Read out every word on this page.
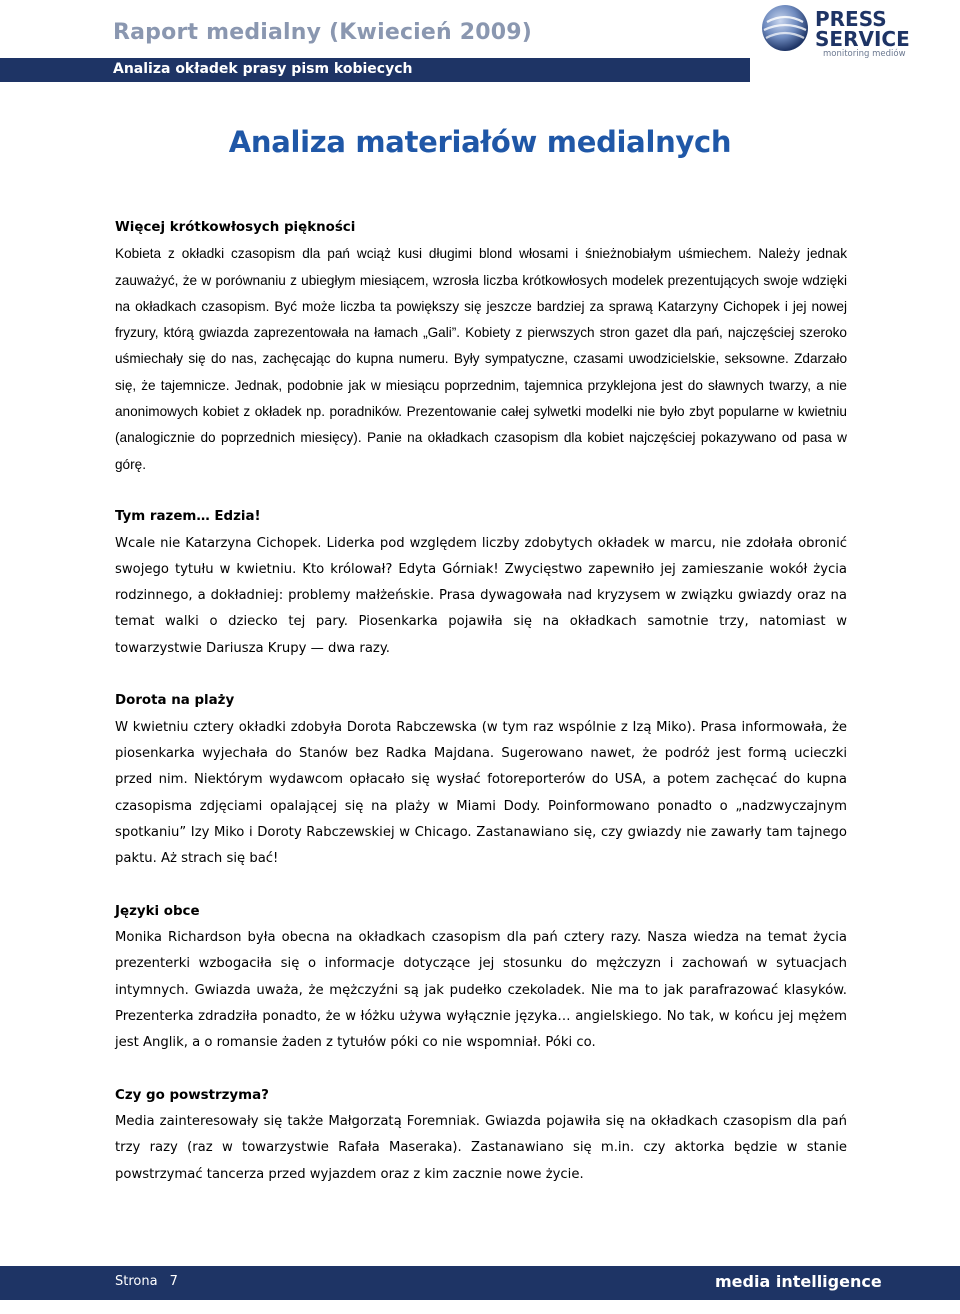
Raport medialny (Kwiecień 2009)
PRESS
SERVICE
monitoring mediów
Analiza okładek prasy pism kobiecych
Analiza materiałów medialnych
Więcej krótkowłosych piękności

Kobieta z okładki czasopism dla pań wciąż kusi długimi blond włosami i śnieżnobiałym uśmiechem. Należy jednak zauważyć, że w porównaniu z ubiegłym miesiącem, wzrosła liczba krótkowłosych modelek prezentujących swoje wdzięki na okładkach czasopism. Być może liczba ta powiększy się jeszcze bardziej za sprawą Katarzyny Cichopek i jej nowej fryzury, którą gwiazda zaprezentowała na łamach „Gali”. Kobiety z pierwszych stron gazet dla pań, najczęściej szeroko uśmiechały się do nas, zachęcając do kupna numeru. Były sympatyczne, czasami uwodzicielskie, seksowne. Zdarzało się, że tajemnicze. Jednak, podobnie jak w miesiącu poprzednim, tajemnica przyklejona jest do sławnych twarzy, a nie anonimowych kobiet z okładek np. poradników. Prezentowanie całej sylwetki modelki nie było zbyt popularne w kwietniu (analogicznie do poprzednich miesięcy). Panie na okładkach czasopism dla kobiet najczęściej pokazywano od pasa w górę.

Tym razem… Edzia!

Wcale nie Katarzyna Cichopek. Liderka pod względem liczby zdobytych okładek w marcu, nie zdołała obronić swojego tytułu w kwietniu. Kto królował? Edyta Górniak! Zwycięstwo zapewniło jej zamieszanie wokół życia rodzinnego, a dokładniej: problemy małżeńskie. Prasa dywagowała nad kryzysem w związku gwiazdy oraz na temat walki o dziecko tej pary. Piosenkarka pojawiła się na okładkach samotnie trzy, natomiast w towarzystwie Dariusza Krupy — dwa razy.

Dorota na plaży

W kwietniu cztery okładki zdobyła Dorota Rabczewska (w tym raz wspólnie z Izą Miko). Prasa informowała, że piosenkarka wyjechała do Stanów bez Radka Majdana. Sugerowano nawet, że podróż jest formą ucieczki przed nim. Niektórym wydawcom opłacało się wysłać fotoreporterów do USA, a potem zachęcać do kupna czasopisma zdjęciami opalającej się na plaży w Miami Dody. Poinformowano ponadto o „nadzwyczajnym spotkaniu” Izy Miko i Doroty Rabczewskiej w Chicago. Zastanawiano się, czy gwiazdy nie zawarły tam tajnego paktu. Aż strach się bać!

Języki obce

Monika Richardson była obecna na okładkach czasopism dla pań cztery razy. Nasza wiedza na temat życia prezenterki wzbogaciła się o informacje dotyczące jej stosunku do mężczyzn i zachowań w sytuacjach intymnych. Gwiazda uważa, że mężczyźni są jak pudełko czekoladek. Nie ma to jak parafrazować klasyków. Prezenterka zdradziła ponadto, że w łóżku używa wyłącznie języka… angielskiego. No tak, w końcu jej mężem jest Anglik, a o romansie żaden z tytułów póki co nie wspomniał. Póki co.

Czy go powstrzyma?

Media zainteresowały się także Małgorzatą Foremniak. Gwiazda pojawiła się na okładkach czasopism dla pań trzy razy (raz w towarzystwie Rafała Maseraka). Zastanawiano się m.in. czy aktorka będzie w stanie powstrzymać tancerza przed wyjazdem oraz z kim zacznie nowe życie.

Strona 7	media intelligence
